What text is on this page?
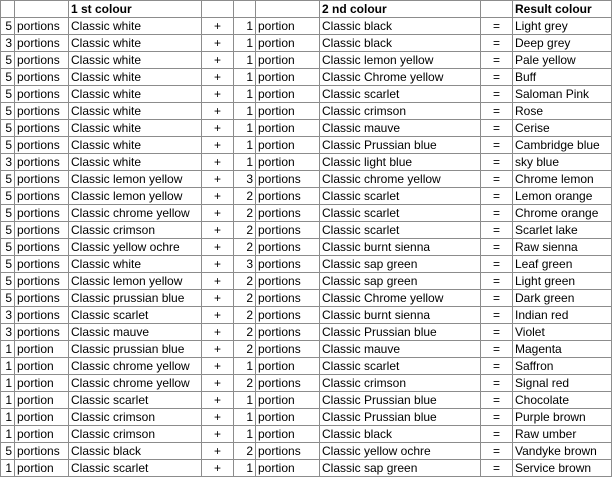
		1 st colour				2 nd colour		Result colour
5	portions	Classic white	+	1	portion	Classic black	=	Light grey
3	portions	Classic white	+	1	portion	Classic black	=	Deep grey
5	portions	Classic white	+	1	portion	Classic lemon yellow	=	Pale yellow
5	portions	Classic white	+	1	portion	Classic Chrome yellow	=	Buff
5	portions	Classic white	+	1	portion	Classic scarlet	=	Saloman Pink
5	portions	Classic white	+	1	portion	Classic crimson	=	Rose
5	portions	Classic white	+	1	portion	Classic mauve	=	Cerise
5	portions	Classic white	+	1	portion	Classic Prussian blue	=	Cambridge blue
3	portions	Classic white	+	1	portion	Classic light blue	=	sky blue
5	portions	Classic lemon yellow	+	3	portions	Classic chrome yellow	=	Chrome lemon
5	portions	Classic lemon yellow	+	2	portions	Classic scarlet	=	Lemon orange
5	portions	Classic chrome yellow	+	2	portions	Classic scarlet	=	Chrome orange
5	portions	Classic crimson	+	2	portions	Classic scarlet	=	Scarlet lake
5	portions	Classic yellow ochre	+	2	portions	Classic burnt sienna	=	Raw sienna
5	portions	Classic white	+	3	portions	Classic sap green	=	Leaf green
5	portions	Classic lemon yellow	+	2	portions	Classic sap green	=	Light green
5	portions	Classic prussian blue	+	2	portions	Classic Chrome yellow	=	Dark green
3	portions	Classic scarlet	+	2	portions	Classic burnt sienna	=	Indian red
3	portions	Classic mauve	+	2	portions	Classic Prussian blue	=	Violet
1	portion	Classic prussian blue	+	2	portions	Classic mauve	=	Magenta
1	portion	Classic chrome yellow	+	1	portion	Classic scarlet	=	Saffron
1	portion	Classic chrome yellow	+	2	portions	Classic crimson	=	Signal red
1	portion	Classic scarlet	+	1	portion	Classic Prussian blue	=	Chocolate
1	portion	Classic crimson	+	1	portion	Classic Prussian blue	=	Purple brown
1	portion	Classic crimson	+	1	portion	Classic black	=	Raw umber
5	portions	Classic black	+	2	portions	Classic yellow ochre	=	Vandyke brown
1	portion	Classic scarlet	+	1	portion	Classic sap green	=	Service brown
